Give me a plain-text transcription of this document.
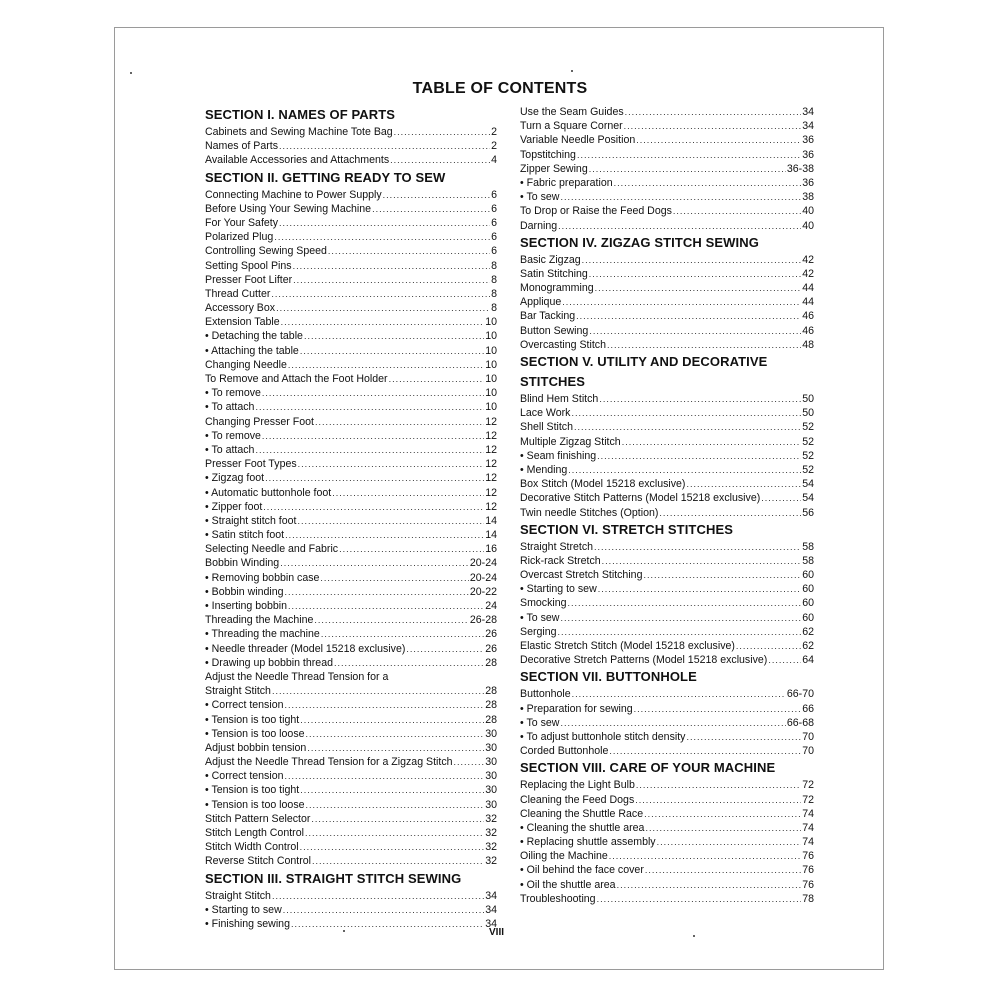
TABLE OF CONTENTS
SECTION I. NAMES OF PARTS
Cabinets and Sewing Machine Tote Bag .....	2
Names of Parts .....	2
Available Accessories and Attachments .....	4
SECTION II. GETTING READY TO SEW
Connecting Machine to Power Supply .....	6
Before Using Your Sewing Machine .....	6
For Your Safety .....	6
Polarized Plug .....	6
Controlling Sewing Speed .....	6
Setting Spool Pins .....	8
Presser Foot Lifter .....	8
Thread Cutter .....	8
Accessory Box .....	8
Extension Table .....	10
• Detaching the table .....	10
• Attaching the table .....	10
Changing Needle .....	10
To Remove and Attach the Foot Holder .....	10
• To remove .....	10
• To attach .....	10
Changing Presser Foot .....	12
• To remove .....	12
• To attach .....	12
Presser Foot Types .....	12
• Zigzag foot .....	12
• Automatic buttonhole foot .....	12
• Zipper foot .....	12
• Straight stitch foot .....	14
• Satin stitch foot .....	14
Selecting Needle and Fabric .....	16
Bobbin Winding .....	20-24
• Removing bobbin case .....	20-24
• Bobbin winding .....	20-22
• Inserting bobbin .....	24
Threading the Machine .....	26-28
• Threading the machine .....	26
• Needle threader (Model 15218 exclusive) .....	26
• Drawing up bobbin thread .....	28
Adjust the Needle Thread Tension for a
Straight Stitch .....	28
• Correct tension .....	28
• Tension is too tight .....	28
• Tension is too loose .....	30
Adjust bobbin tension .....	30
Adjust the Needle Thread Tension for a Zigzag Stitch .....	30
• Correct tension .....	30
• Tension is too tight .....	30
• Tension is too loose .....	30
Stitch Pattern Selector .....	32
Stitch Length Control .....	32
Stitch Width Control .....	32
Reverse Stitch Control .....	32
SECTION III. STRAIGHT STITCH SEWING
Straight Stitch .....	34
• Starting to sew .....	34
• Finishing sewing .....	34
Use the Seam Guides .....	34
Turn a Square Corner .....	34
Variable Needle Position .....	36
Topstitching .....	36
Zipper Sewing .....	36-38
• Fabric preparation .....	36
• To sew .....	38
To Drop or Raise the Feed Dogs .....	40
Darning .....	40
SECTION IV. ZIGZAG STITCH SEWING
Basic Zigzag .....	42
Satin Stitching .....	42
Monogramming .....	44
Applique .....	44
Bar Tacking .....	46
Button Sewing .....	46
Overcasting Stitch .....	48
SECTION V. UTILITY AND DECORATIVE
STITCHES
Blind Hem Stitch .....	50
Lace Work .....	50
Shell Stitch .....	52
Multiple Zigzag Stitch .....	52
• Seam finishing .....	52
• Mending .....	52
Box Stitch (Model 15218 exclusive) .....	54
Decorative Stitch Patterns (Model 15218 exclusive) .....	54
Twin needle Stitches (Option) .....	56
SECTION VI. STRETCH STITCHES
Straight Stretch .....	58
Rick-rack Stretch .....	58
Overcast Stretch Stitching .....	60
• Starting to sew .....	60
Smocking .....	60
• To sew .....	60
Serging .....	62
Elastic Stretch Stitch (Model 15218 exclusive) .....	62
Decorative Stretch Patterns (Model 15218 exclusive) .....	64
SECTION VII. BUTTONHOLE
Buttonhole .....	66-70
• Preparation for sewing .....	66
• To sew .....	66-68
• To adjust buttonhole stitch density .....	70
Corded Buttonhole .....	70
SECTION VIII. CARE OF YOUR MACHINE
Replacing the Light Bulb .....	72
Cleaning the Feed Dogs .....	72
Cleaning the Shuttle Race .....	74
• Cleaning the shuttle area .....	74
• Replacing shuttle assembly .....	74
Oiling the Machine .....	76
• Oil behind the face cover .....	76
• Oil the shuttle area .....	76
Troubleshooting .....	78
VIII
